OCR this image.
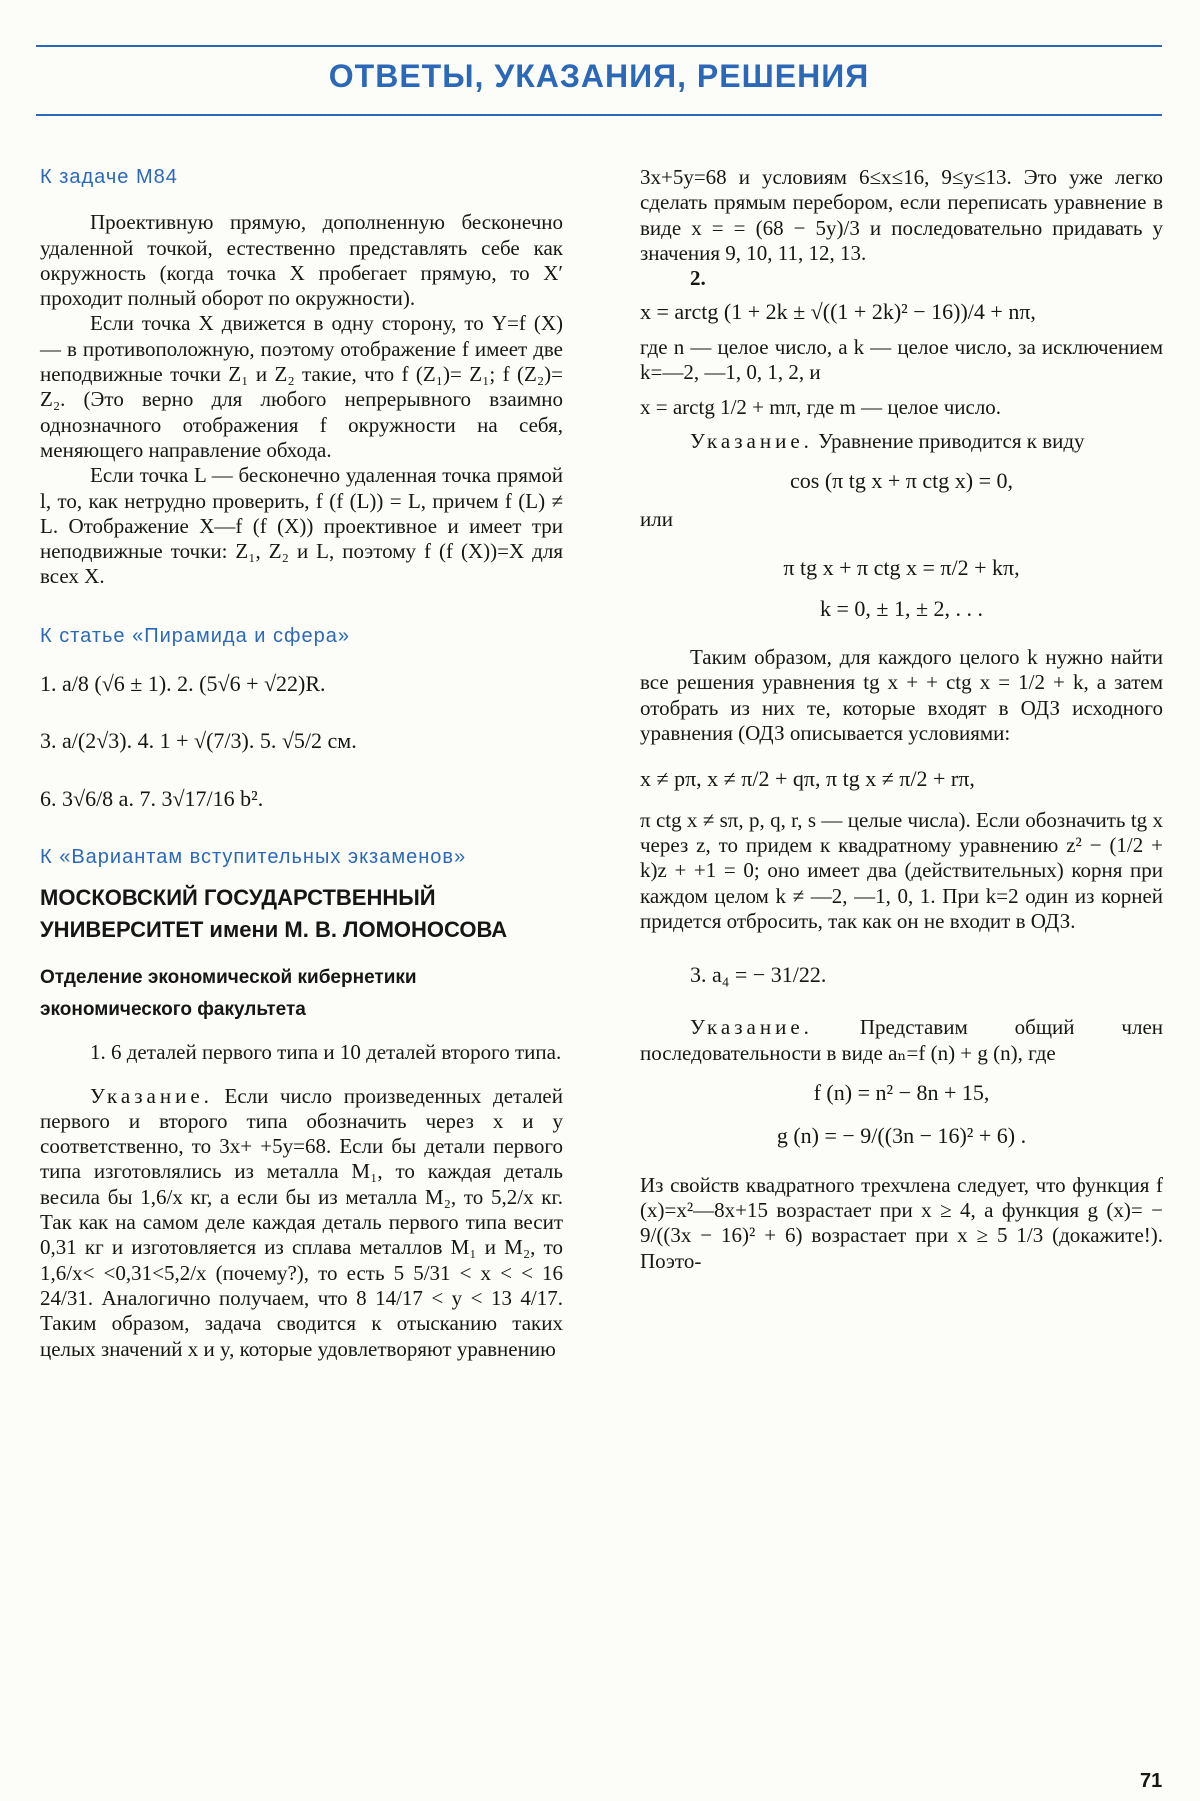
ОТВЕТЫ, УКАЗАНИЯ, РЕШЕНИЯ

К задаче М84

Проективную прямую, дополненную бесконечно удаленной точкой, естественно представлять себе как окружность (когда точка X пробегает прямую, то X′ проходит полный оборот по окружности).

Если точка X движется в одну сторону, то Y=f (X) — в противоположную, поэтому отображение f имеет две неподвижные точки Z₁ и Z₂ такие, что f (Z₁)= Z₁; f (Z₂)= Z₂. (Это верно для любого непрерывного взаимно однозначного отображения f окружности на себя, меняющего направление обхода.

Если точка L — бесконечно удаленная точка прямой l, то, как нетрудно проверить, f (f (L)) = L, причем f (L) ≠ L. Отображение X—f (f (X)) проективное и имеет три неподвижные точки: Z₁, Z₂ и L, поэтому f (f (X))=X для всех X.

К статье «Пирамида и сфера»

1. a/8 (√6 ± 1). 2. (5√6 + √22)R.

3. a/(2√3). 4. 1 + √(7/3). 5. √5/2 см.

6. 3√6/8 a. 7. 3√17/16 b².

К «Вариантам вступительных экзаменов»

МОСКОВСКИЙ ГОСУДАРСТВЕННЫЙ

УНИВЕРСИТЕТ имени М. В. ЛОМОНОСОВА

Отделение экономической кибернетики

экономического факультета

1. 6 деталей первого типа и 10 деталей второго типа.

Указание. Если число произведенных деталей первого и второго типа обозначить через x и y соответственно, то 3x+ +5y=68. Если бы детали первого типа изготовлялись из металла M₁, то каждая деталь весила бы 1,6/x кг, а если бы из металла M₂, то 5,2/x кг. Так как на самом деле каждая деталь первого типа весит 0,31 кг и изготовляется из сплава металлов M₁ и M₂, то 1,6/x< <0,31<5,2/x (почему?), то есть 5 5/31 < x < < 16 24/31. Аналогично получаем, что 8 14/17 < y < 13 4/17. Таким образом, задача сводится к отысканию таких целых значений x и y, которые удовлетворяют уравнению

3x+5y=68 и условиям 6≤x≤16, 9≤y≤13. Это уже легко сделать прямым перебором, если переписать уравнение в виде x = = (68 − 5y)/3 и последовательно придавать y значения 9, 10, 11, 12, 13.

2.

x = arctg (1 + 2k ± √((1 + 2k)² − 16))/4 + nπ,

где n — целое число, а k — целое число, за исключением k=—2, —1, 0, 1, 2, и

x = arctg 1/2 + mπ, где m — целое число.

Указание. Уравнение приводится к виду

cos (π tg x + π ctg x) = 0,

или

π tg x + π ctg x = π/2 + kπ,
k = 0, ± 1, ± 2, . . .

Таким образом, для каждого целого k нужно найти все решения уравнения tg x + + ctg x = 1/2 + k, а затем отобрать из них те, которые входят в ОДЗ исходного уравнения (ОДЗ описывается условиями:

x ≠ pπ, x ≠ π/2 + qπ, π tg x ≠ π/2 + rπ,

π ctg x ≠ sπ, p, q, r, s — целые числа). Если обозначить tg x через z, то придем к квадратному уравнению z² − (1/2 + k)z + +1 = 0; оно имеет два (действительных) корня при каждом целом k ≠ —2, —1, 0, 1. При k=2 один из корней придется отбросить, так как он не входит в ОДЗ.

3. a₄ = − 31/22.

Указание. Представим общий член последовательности в виде aₙ=f (n) + g (n), где

f (n) = n² − 8n + 15,
g (n) = − 9/((3n − 16)² + 6) .

Из свойств квадратного трехчлена следует, что функция f (x)=x²—8x+15 возрастает при x ≥ 4, а функция g (x)= − 9/((3x − 16)² + 6) возрастает при x ≥ 5 1/3 (докажите!). Поэто-

71
